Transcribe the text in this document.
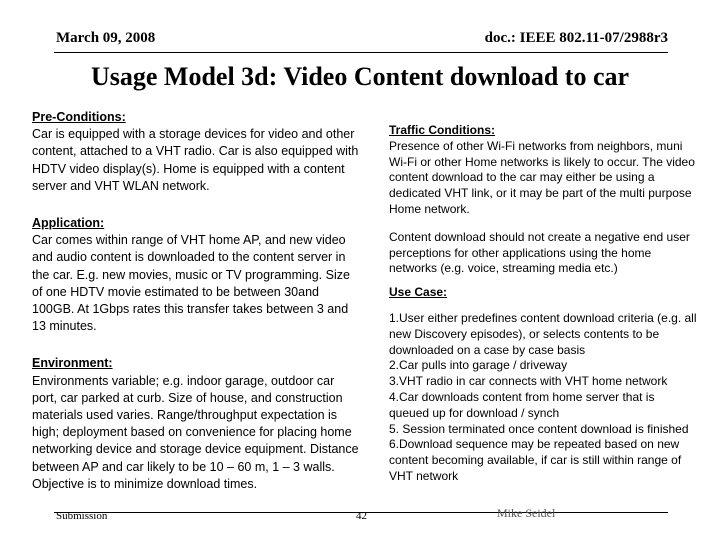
March 09, 2008	doc.: IEEE 802.11-07/2988r3
Usage Model 3d: Video Content download to car
Pre-Conditions:
Car is equipped with a storage devices for video and other content, attached to a VHT radio. Car is also equipped with HDTV video display(s). Home is equipped with a content server and VHT WLAN network.
Application:
Car comes within range of VHT home AP, and new video and audio content is downloaded to the content server in the car. E.g. new movies, music or TV programming. Size of one HDTV movie estimated to be between 30and 100GB. At 1Gbps rates this transfer takes between 3 and 13 minutes.
Environment:
Environments variable; e.g. indoor garage, outdoor car port, car parked at curb. Size of house, and construction materials used varies. Range/throughput expectation is high; deployment based on convenience for placing home networking device and storage device equipment. Distance between AP and car likely to be 10 – 60 m, 1 – 3 walls. Objective is to minimize download times.
Traffic Conditions:
Presence of other Wi-Fi networks from neighbors, muni Wi-Fi or other Home networks is likely to occur. The video content download to the car may either be using a dedicated VHT link, or it may be part of the multi purpose Home network.
Content download should not create a negative end user perceptions for other applications using the home networks (e.g. voice, streaming media etc.)
Use Case:
1.User either predefines content download criteria (e.g. all new Discovery episodes), or selects contents to be downloaded on a case by case basis
2.Car pulls into garage / driveway
3.VHT radio in car connects with VHT home network
4.Car downloads content from home server that is queued up for download / synch
5. Session terminated once content download is finished
6.Download sequence may be repeated based on new content becoming available, if car is still within range of VHT network
Submission	42	Mike Seidel
